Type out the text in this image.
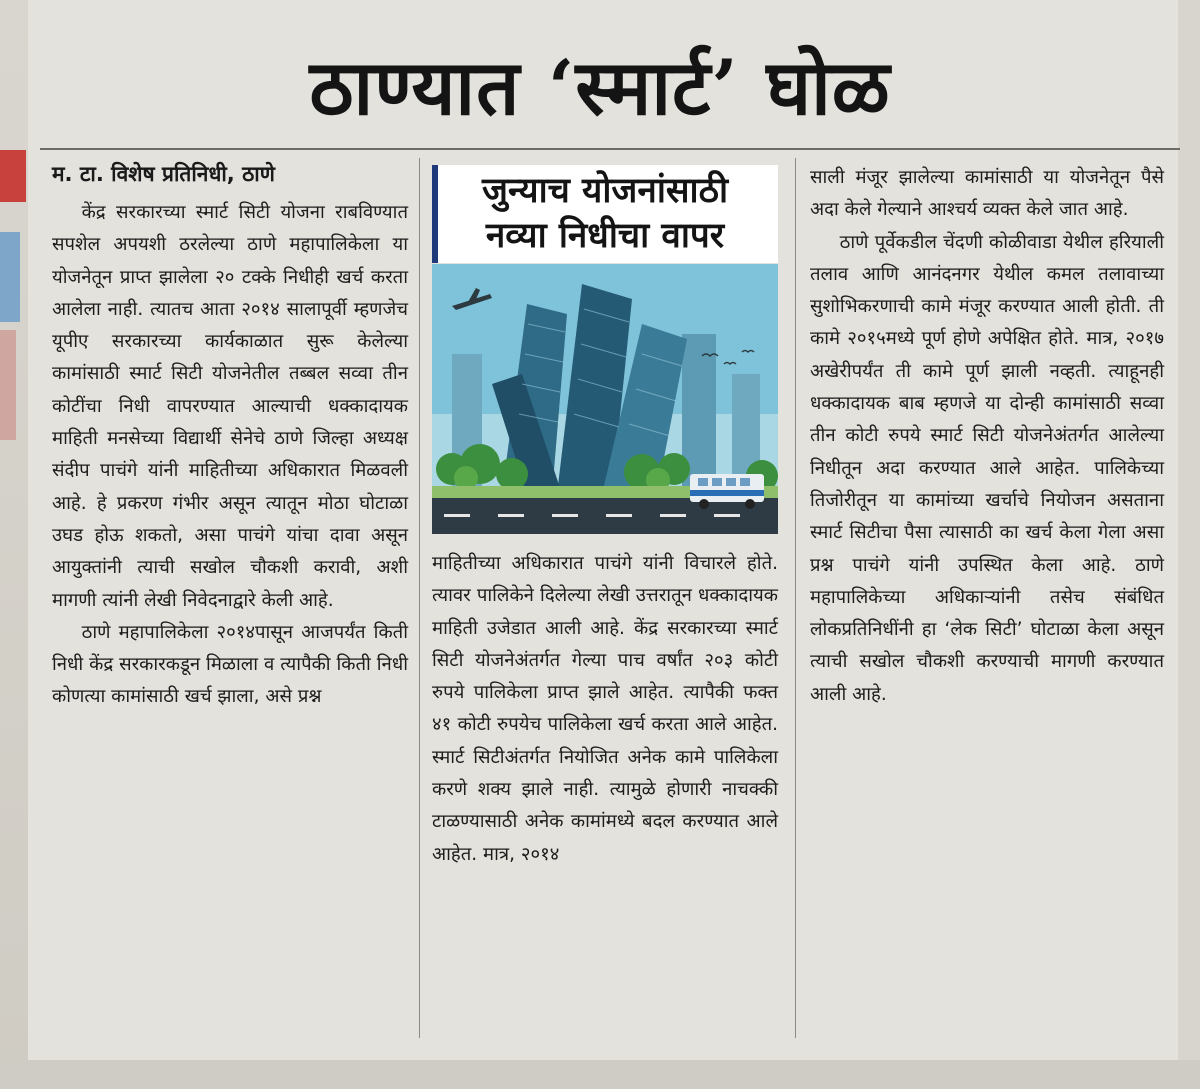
ठाण्यात ‘स्मार्ट’ घोळ
म. टा. विशेष प्रतिनिधी, ठाणे

केंद्र सरकारच्या स्मार्ट सिटी योजना राबविण्यात सपशेल अपयशी ठरलेल्या ठाणे महापालिकेला या योजनेतून प्राप्त झालेला २० टक्के निधीही खर्च करता आलेला नाही. त्यातच आता २०१४ सालापूर्वी म्हणजेच यूपीए सरकारच्या कार्यकाळात सुरू केलेल्या कामांसाठी स्मार्ट सिटी योजनेतील तब्बल सव्वा तीन कोटींचा निधी वापरण्यात आल्याची धक्कादायक माहिती मनसेच्या विद्यार्थी सेनेचे ठाणे जिल्हा अध्यक्ष संदीप पाचंगे यांनी माहितीच्या अधिकारात मिळवली आहे. हे प्रकरण गंभीर असून त्यातून मोठा घोटाळा उघड होऊ शकतो, असा पाचंगे यांचा दावा असून आयुक्तांनी त्याची सखोल चौकशी करावी, अशी मागणी त्यांनी लेखी निवेदनाद्वारे केली आहे.

ठाणे महापालिकेला २०१४पासून आजपर्यंत किती निधी केंद्र सरकारकडून मिळाला व त्यापैकी किती निधी कोणत्या कामांसाठी खर्च झाला, असे प्रश्न

जुन्याच योजनांसाठी
नव्या निधीचा वापर

माहितीच्या अधिकारात पाचंगे यांनी विचारले होते. त्यावर पालिकेने दिलेल्या लेखी उत्तरातून धक्कादायक माहिती उजेडात आली आहे. केंद्र सरकारच्या स्मार्ट सिटी योजनेअंतर्गत गेल्या पाच वर्षांत २०३ कोटी रुपये पालिकेला प्राप्त झाले आहेत. त्यापैकी फक्त ४१ कोटी रुपयेच पालिकेला खर्च करता आले आहेत. स्मार्ट सिटीअंतर्गत नियोजित अनेक कामे पालिकेला करणे शक्य झाले नाही. त्यामुळे होणारी नाचक्की टाळण्यासाठी अनेक कामांमध्ये बदल करण्यात आले आहेत. मात्र, २०१४

साली मंजूर झालेल्या कामांसाठी या योजनेतून पैसे अदा केले गेल्याने आश्चर्य व्यक्त केले जात आहे.

ठाणे पूर्वेकडील चेंदणी कोळीवाडा येथील हरियाली तलाव आणि आनंदनगर येथील कमल तलावाच्या सुशोभिकरणाची कामे मंजूर करण्यात आली होती. ती कामे २०१५मध्ये पूर्ण होणे अपेक्षित होते. मात्र, २०१७ अखेरीपर्यंत ती कामे पूर्ण झाली नव्हती. त्याहूनही धक्कादायक बाब म्हणजे या दोन्ही कामांसाठी सव्वा तीन कोटी रुपये स्मार्ट सिटी योजनेअंतर्गत आलेल्या निधीतून अदा करण्यात आले आहेत. पालिकेच्या तिजोरीतून या कामांच्या खर्चाचे नियोजन असताना स्मार्ट सिटीचा पैसा त्यासाठी का खर्च केला गेला असा प्रश्न पाचंगे यांनी उपस्थित केला आहे. ठाणे महापालिकेच्या अधिकाऱ्यांनी तसेच संबंधित लोकप्रतिनिधींनी हा ‘लेक सिटी’ घोटाळा केला असून त्याची सखोल चौकशी करण्याची मागणी करण्यात आली आहे.
